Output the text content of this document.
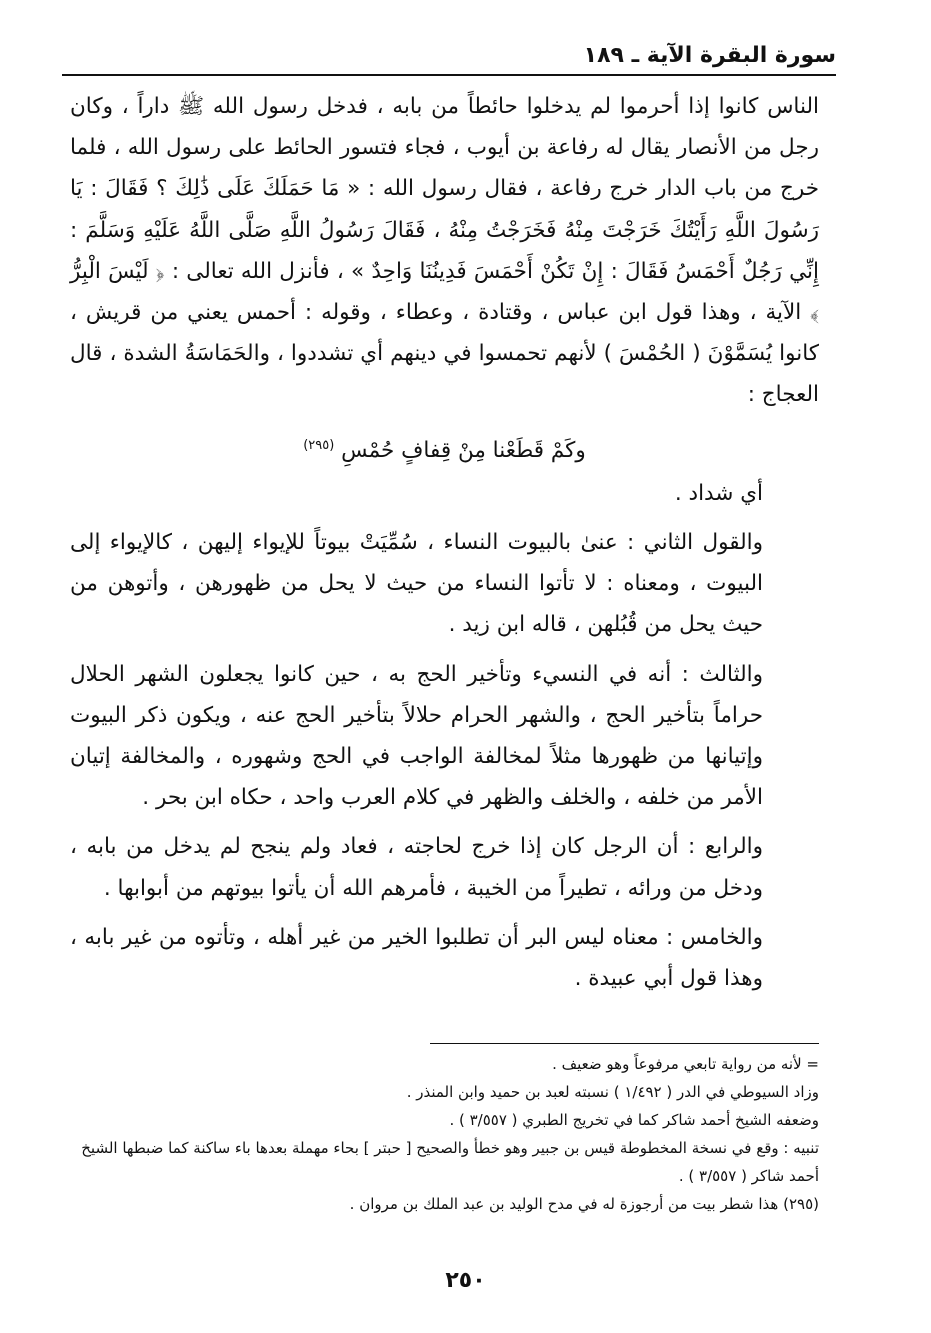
سورة البقرة الآية ـ ١٨٩

الناس كانوا إذا أحرموا لم يدخلوا حائطاً من بابه ، فدخل رسول الله ﷺ داراً ، وكان رجل من الأنصار يقال له رفاعة بن أيوب ، فجاء فتسور الحائط على رسول الله ، فلما خرج من باب الدار خرج رفاعة ، فقال رسول الله : « مَا حَمَلَكَ عَلَى ذَٰلِكَ ؟ فَقَالَ : يَا رَسُولَ اللَّهِ رَأَيْتُكَ خَرَجْتَ مِنْهُ فَخَرَجْتُ مِنْهُ ، فَقَالَ رَسُولُ اللَّهِ صَلَّى اللَّهُ عَلَيْهِ وَسَلَّمَ : إِنِّي رَجُلٌ أَحْمَسُ فَقَالَ : إِنْ تَكُنْ أَحْمَسَ فَدِينُنَا وَاحِدٌ » ، فأنزل الله تعالى : ﴿ لَيْسَ الْبِرُّ ﴾ الآية ، وهذا قول ابن عباس ، وقتادة ، وعطاء ، وقوله : أحمس يعني من قريش ، كانوا يُسَمَّوْنَ ( الحُمْسَ ) لأنهم تحمسوا في دينهم أي تشددوا ، والحَمَاسَةُ الشدة ، قال العجاج :

وكَمْ قَطَعْنا مِنْ قِفافٍ حُمْسِ $^{(٢٩٥)}$

أي شداد .

والقول الثاني : عنىٰ بالبيوت النساء ، سُمِّيَتْ بيوتاً للإيواء إليهن ، كالإيواء إلى البيوت ، ومعناه : لا تأتوا النساء من حيث لا يحل من ظهورهن ، وأتوهن من حيث يحل من قُبُلهن ، قاله ابن زيد .

والثالث : أنه في النسيء وتأخير الحج به ، حين كانوا يجعلون الشهر الحلال حراماً بتأخير الحج ، والشهر الحرام حلالاً بتأخير الحج عنه ، ويكون ذكر البيوت وإتيانها من ظهورها مثلاً لمخالفة الواجب في الحج وشهوره ، والمخالفة إتيان الأمر من خلفه ، والخلف والظهر في كلام العرب واحد ، حكاه ابن بحر .

والرابع : أن الرجل كان إذا خرج لحاجته ، فعاد ولم ينجح لم يدخل من بابه ، ودخل من ورائه ، تطيراً من الخيبة ، فأمرهم الله أن يأتوا بيوتهم من أبوابها .

والخامس : معناه ليس البر أن تطلبوا الخير من غير أهله ، وتأتوه من غير بابه ، وهذا قول أبي عبيدة .

= لأنه من رواية تابعي مرفوعاً وهو ضعيف .

وزاد السيوطي في الدر ( ١/٤٩٢ ) نسبته لعبد بن حميد وابن المنذر .

وضعفه الشيخ أحمد شاكر كما في تخريج الطبري ( ٣/٥٥٧ ) .

تنبيه : وقع في نسخة المخطوطة قيس بن جبير وهو خطأ والصحيح [ حبتر ] بحاء مهملة بعدها باء ساكنة كما ضبطها الشيخ أحمد شاكر ( ٣/٥٥٧ ) .

(٢٩٥) هذا شطر بيت من أرجوزة له في مدح الوليد بن عبد الملك بن مروان .

٢٥٠
